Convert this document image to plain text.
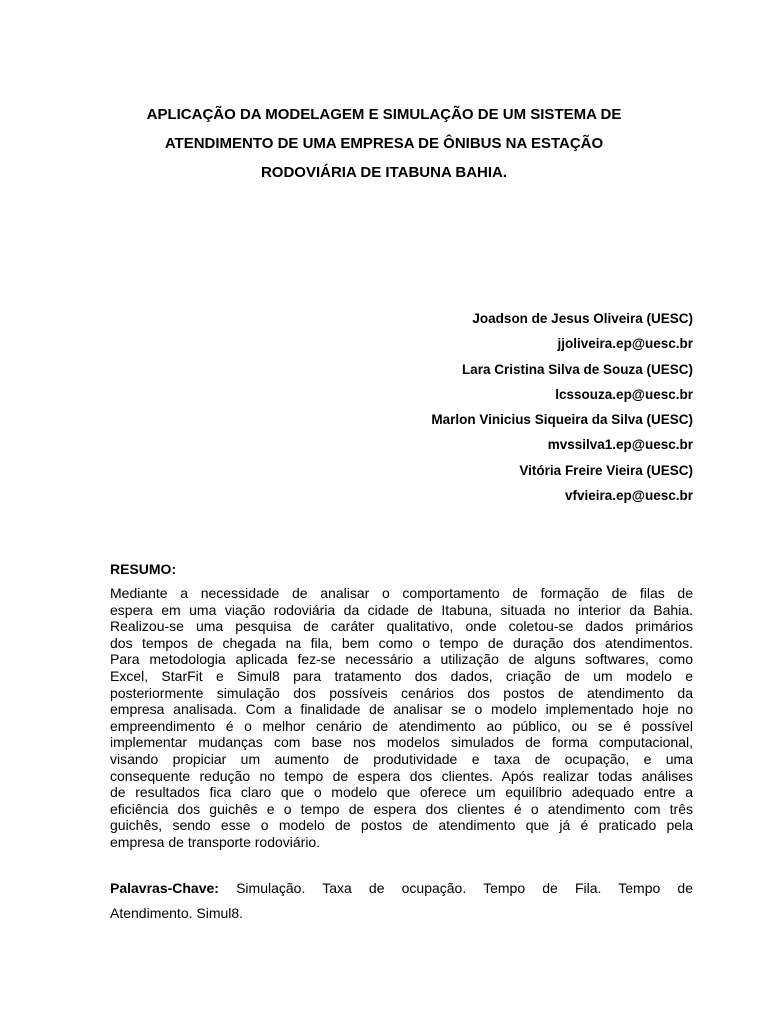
APLICAÇÃO DA MODELAGEM E SIMULAÇÃO DE UM SISTEMA DE
ATENDIMENTO DE UMA EMPRESA DE ÔNIBUS NA ESTAÇÃO
RODOVIÁRIA DE ITABUNA BAHIA.
Joadson de Jesus Oliveira (UESC)
jjoliveira.ep@uesc.br
Lara Cristina Silva de Souza (UESC)
lcssouza.ep@uesc.br
Marlon Vinicius Siqueira da Silva (UESC)
mvssilva1.ep@uesc.br
Vitória Freire Vieira (UESC)
vfvieira.ep@uesc.br
RESUMO:
Mediante a necessidade de analisar o comportamento de formação de filas de
espera em uma viação rodoviária da cidade de Itabuna, situada no interior da Bahia.
Realizou-se uma pesquisa de caráter qualitativo, onde coletou-se dados primários
dos tempos de chegada na fila, bem como o tempo de duração dos atendimentos.
Para metodologia aplicada fez-se necessário a utilização de alguns softwares, como
Excel, StarFit e Simul8 para tratamento dos dados, criação de um modelo e
posteriormente simulação dos possíveis cenários dos postos de atendimento da
empresa analisada. Com a finalidade de analisar se o modelo implementado hoje no
empreendimento é o melhor cenário de atendimento ao público, ou se é possível
implementar mudanças com base nos modelos simulados de forma computacional,
visando propiciar um aumento de produtividade e taxa de ocupação, e uma
consequente redução no tempo de espera dos clientes. Após realizar todas análises
de resultados fica claro que o modelo que oferece um equilíbrio adequado entre a
eficiência dos guichês e o tempo de espera dos clientes é o atendimento com três
guichês, sendo esse o modelo de postos de atendimento que já é praticado pela
empresa de transporte rodoviário.
Palavras-Chave: Simulação. Taxa de ocupação. Tempo de Fila. Tempo de
Atendimento. Simul8.
